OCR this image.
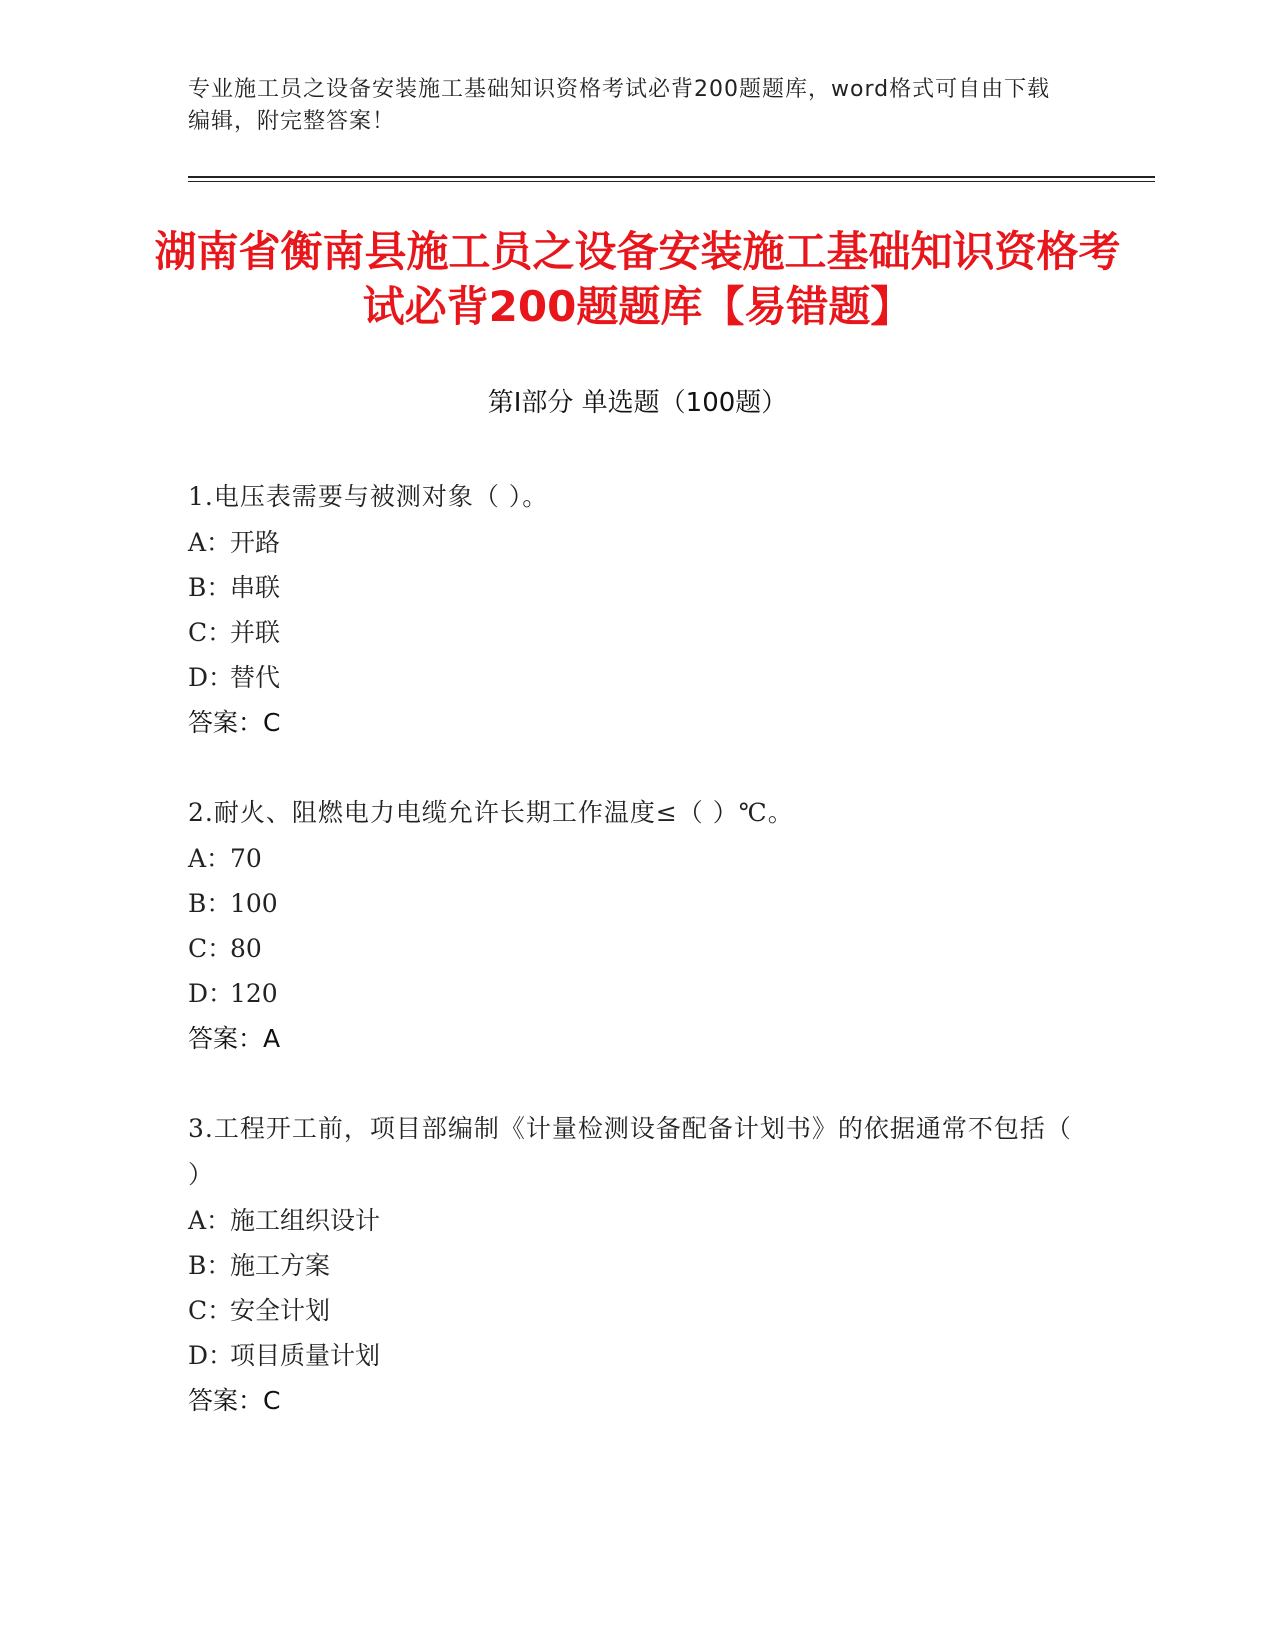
专业施工员之设备安装施工基础知识资格考试必背200题题库，word格式可自由下载编辑，附完整答案！
湖南省衡南县施工员之设备安装施工基础知识资格考试必背200题题库【易错题】
第Ⅰ部分 单选题（100题）
1.电压表需要与被测对象（ ）。
A：
开路
B：
串联
C：
并联
D：
替代
答案：C
2.耐火、阻燃电力电缆允许长期工作温度≤（ ）℃。
A：
70
B：
100
C：
80
D：
120
答案：A
3.工程开工前，项目部编制《计量检测设备配备计划书》的依据通常不包括（ ）
A：
施工组织设计
B：
施工方案
C：
安全计划
D：
项目质量计划
答案：C
